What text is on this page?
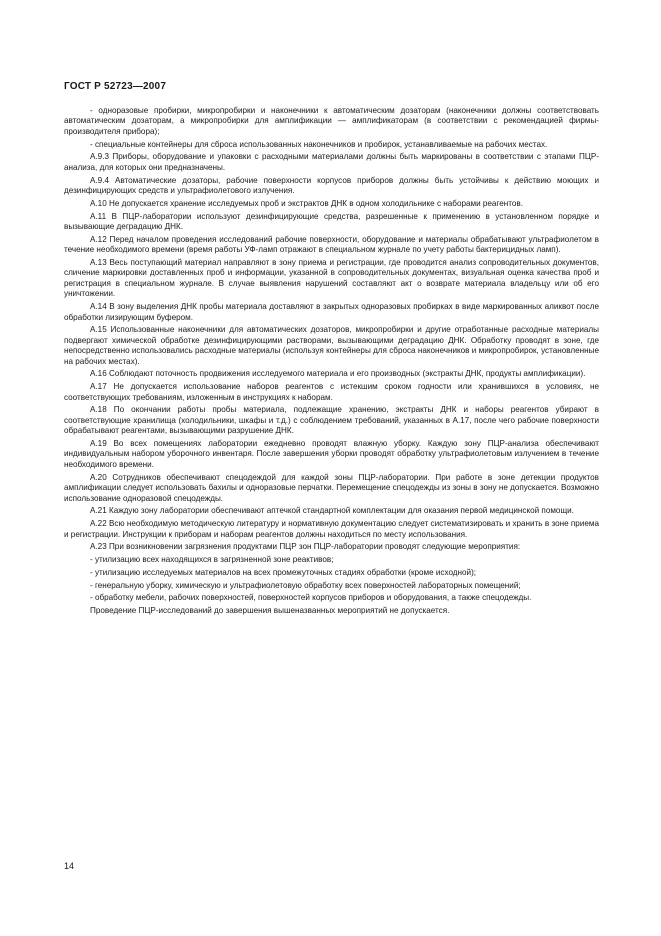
ГОСТ Р 52723—2007

- одноразовые пробирки, микропробирки и наконечники к автоматическим дозаторам (наконечники должны соответствовать автоматическим дозаторам, а микропробирки для амплификации — амплификаторам (в соответствии с рекомендацией фирмы-производителя прибора);

- специальные контейнеры для сброса использованных наконечников и пробирок, устанавливаемые на рабочих местах.

А.9.3 Приборы, оборудование и упаковки с расходными материалами должны быть маркированы в соответствии с этапами ПЦР-анализа, для которых они предназначены.

А.9.4 Автоматические дозаторы, рабочие поверхности корпусов приборов должны быть устойчивы к действию моющих и дезинфицирующих средств и ультрафиолетового излучения.

А.10 Не допускается хранение исследуемых проб и экстрактов ДНК в одном холодильнике с наборами реагентов.

А.11 В ПЦР-лаборатории используют дезинфицирующие средства, разрешенные к применению в установленном порядке и вызывающие деградацию ДНК.

А.12 Перед началом проведения исследований рабочие поверхности, оборудование и материалы обрабатывают ультрафиолетом в течение необходимого времени (время работы УФ-ламп отражают в специальном журнале по учету работы бактерицидных ламп).

А.13 Весь поступающий материал направляют в зону приема и регистрации, где проводится анализ сопроводительных документов, сличение маркировки доставленных проб и информации, указанной в сопроводительных документах, визуальная оценка качества проб и регистрация в специальном журнале. В случае выявления нарушений составляют акт о возврате материала владельцу или об его уничтожении.

А.14 В зону выделения ДНК пробы материала доставляют в закрытых одноразовых пробирках в виде маркированных аликвот после обработки лизирующим буфером.

А.15 Использованные наконечники для автоматических дозаторов, микропробирки и другие отработанные расходные материалы подвергают химической обработке дезинфицирующими растворами, вызывающими деградацию ДНК. Обработку проводят в зоне, где непосредственно использовались расходные материалы (используя контейнеры для сброса наконечников и микропробирок, установленные на рабочих местах).

А.16 Соблюдают поточность продвижения исследуемого материала и его производных (экстракты ДНК, продукты амплификации).

А.17 Не допускается использование наборов реагентов с истекшим сроком годности или хранившихся в условиях, не соответствующих требованиям, изложенным в инструкциях к наборам.

А.18 По окончании работы пробы материала, подлежащие хранению, экстракты ДНК и наборы реагентов убирают в соответствующие хранилища (холодильники, шкафы и т.д.) с соблюдением требований, указанных в А.17, после чего рабочие поверхности обрабатывают реагентами, вызывающими разрушение ДНК.

А.19 Во всех помещениях лаборатории ежедневно проводят влажную уборку. Каждую зону ПЦР-анализа обеспечивают индивидуальным набором уборочного инвентаря. После завершения уборки проводят обработку ультрафиолетовым излучением в течение необходимого времени.

А.20 Сотрудников обеспечивают спецодеждой для каждой зоны ПЦР-лаборатории. При работе в зоне детекции продуктов амплификации следует использовать бахилы и одноразовые перчатки. Перемещение спецодежды из зоны в зону не допускается. Возможно использование одноразовой спецодежды.

А.21 Каждую зону лаборатории обеспечивают аптечкой стандартной комплектации для оказания первой медицинской помощи.

А.22 Всю необходимую методическую литературу и нормативную документацию следует систематизировать и хранить в зоне приема и регистрации. Инструкции к приборам и наборам реагентов должны находиться по месту использования.

А.23 При возникновении загрязнения продуктами ПЦР зон ПЦР-лаборатории проводят следующие мероприятия:

- утилизацию всех находящихся в загрязненной зоне реактивов;

- утилизацию исследуемых материалов на всех промежуточных стадиях обработки (кроме исходной);

- генеральную уборку, химическую и ультрафиолетовую обработку всех поверхностей лабораторных помещений;

- обработку мебели, рабочих поверхностей, поверхностей корпусов приборов и оборудования, а также спецодежды.

Проведение ПЦР-исследований до завершения вышеназванных мероприятий не допускается.

14
